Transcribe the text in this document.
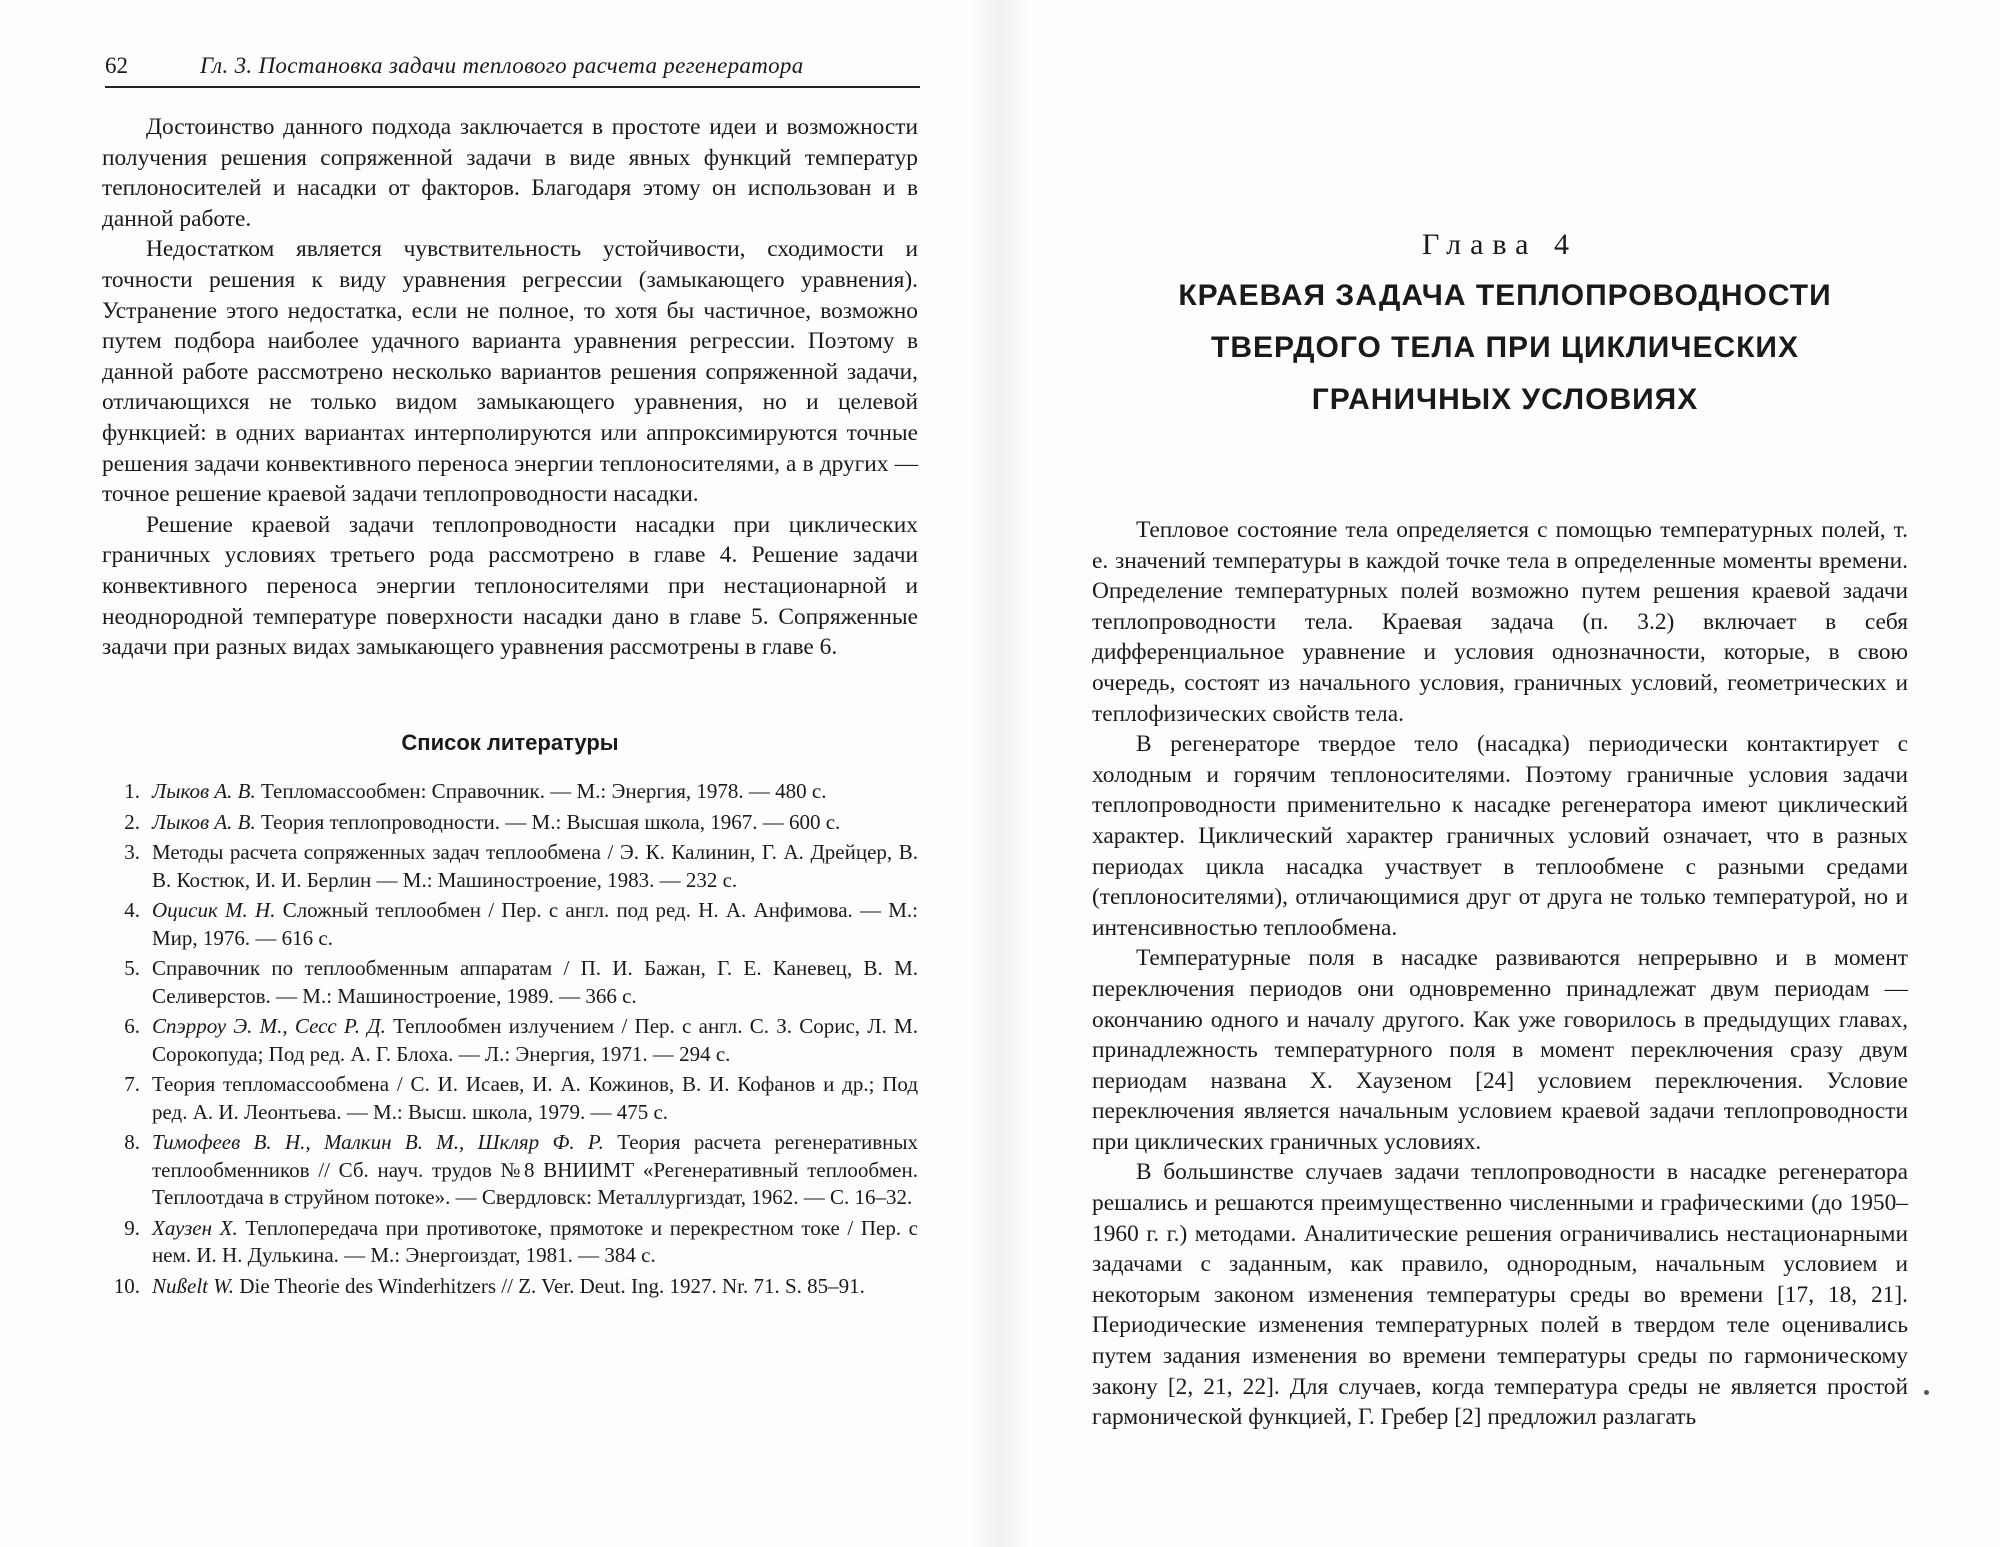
62	Гл. 3. Постановка задачи теплового расчета регенератора

Достоинство данного подхода заключается в простоте идеи и возможности получения решения сопряженной задачи в виде явных функций температур теплоносителей и насадки от факторов. Благодаря этому он использован и в данной работе.

Недостатком является чувствительность устойчивости, сходимости и точности решения к виду уравнения регрессии (замыкающего уравнения). Устранение этого недостатка, если не полное, то хотя бы частичное, возможно путем подбора наиболее удачного варианта уравнения регрессии. Поэтому в данной работе рассмотрено несколько вариантов решения сопряженной задачи, отличающихся не только видом замыкающего уравнения, но и целевой функцией: в одних вариантах интерполируются или аппроксимируются точные решения задачи конвективного переноса энергии теплоносителями, а в других — точное решение краевой задачи теплопроводности насадки.

Решение краевой задачи теплопроводности насадки при циклических граничных условиях третьего рода рассмотрено в главе 4. Решение задачи конвективного переноса энергии теплоносителями при нестационарной и неоднородной температуре поверхности насадки дано в главе 5. Сопряженные задачи при разных видах замыкающего уравнения рассмотрены в главе 6.

Список литературы
1. Лыков А. В. Тепломассообмен: Справочник. — М.: Энергия, 1978. — 480 с.
2. Лыков А. В. Теория теплопроводности. — М.: Высшая школа, 1967. — 600 с.
3. Методы расчета сопряженных задач теплообмена / Э. К. Калинин, Г. А. Дрейцер, В. В. Костюк, И. И. Берлин — М.: Машиностроение, 1983. — 232 с.
4. Оцисик М. Н. Сложный теплообмен / Пер. с англ. под ред. Н. А. Анфимова. — М.: Мир, 1976. — 616 с.
5. Справочник по теплообменным аппаратам / П. И. Бажан, Г. Е. Каневец, В. М. Селиверстов. — М.: Машиностроение, 1989. — 366 с.
6. Спэрроу Э. М., Сесс Р. Д. Теплообмен излучением / Пер. с англ. С. З. Сорис, Л. М. Сорокопуда; Под ред. А. Г. Блоха. — Л.: Энергия, 1971. — 294 с.
7. Теория тепломассообмена / С. И. Исаев, И. А. Кожинов, В. И. Кофанов и др.; Под ред. А. И. Леонтьева. — М.: Высш. школа, 1979. — 475 с.
8. Тимофеев В. Н., Малкин В. М., Шкляр Ф. Р. Теория расчета регенеративных теплообменников // Сб. науч. трудов №8 ВНИИМТ «Регенеративный теплообмен. Теплоотдача в струйном потоке». — Свердловск: Металлургиздат, 1962. — С. 16–32.
9. Хаузен Х. Теплопередача при противотоке, прямотоке и перекрестном токе / Пер. с нем. И. Н. Дулькина. — М.: Энергоиздат, 1981. — 384 с.
10. Nußelt W. Die Theorie des Winderhitzers // Z. Ver. Deut. Ing. 1927. Nr. 71. S. 85–91.
Глава 4
КРАЕВАЯ ЗАДАЧА ТЕПЛОПРОВОДНОСТИ
ТВЕРДОГО ТЕЛА ПРИ ЦИКЛИЧЕСКИХ
ГРАНИЧНЫХ УСЛОВИЯХ

Тепловое состояние тела определяется с помощью температурных полей, т. е. значений температуры в каждой точке тела в определенные моменты времени. Определение температурных полей возможно путем решения краевой задачи теплопроводности тела. Краевая задача (п. 3.2) включает в себя дифференциальное уравнение и условия однозначности, которые, в свою очередь, состоят из начального условия, граничных условий, геометрических и теплофизических свойств тела.

В регенераторе твердое тело (насадка) периодически контактирует с холодным и горячим теплоносителями. Поэтому граничные условия задачи теплопроводности применительно к насадке регенератора имеют циклический характер. Циклический характер граничных условий означает, что в разных периодах цикла насадка участвует в теплообмене с разными средами (теплоносителями), отличающимися друг от друга не только температурой, но и интенсивностью теплообмена.

Температурные поля в насадке развиваются непрерывно и в момент переключения периодов они одновременно принадлежат двум периодам — окончанию одного и началу другого. Как уже говорилось в предыдущих главах, принадлежность температурного поля в момент переключения сразу двум периодам названа Х. Хаузеном [24] условием переключения. Условие переключения является начальным условием краевой задачи теплопроводности при циклических граничных условиях.

В большинстве случаев задачи теплопроводности в насадке регенератора решались и решаются преимущественно численными и графическими (до 1950–1960 г. г.) методами. Аналитические решения ограничивались нестационарными задачами с заданным, как правило, однородным, начальным условием и некоторым законом изменения температуры среды во времени [17, 18, 21]. Периодические изменения температурных полей в твердом теле оценивались путем задания изменения во времени температуры среды по гармоническому закону [2, 21, 22]. Для случаев, когда температура среды не является простой гармонической функцией, Г. Гребер [2] предложил разлагать
